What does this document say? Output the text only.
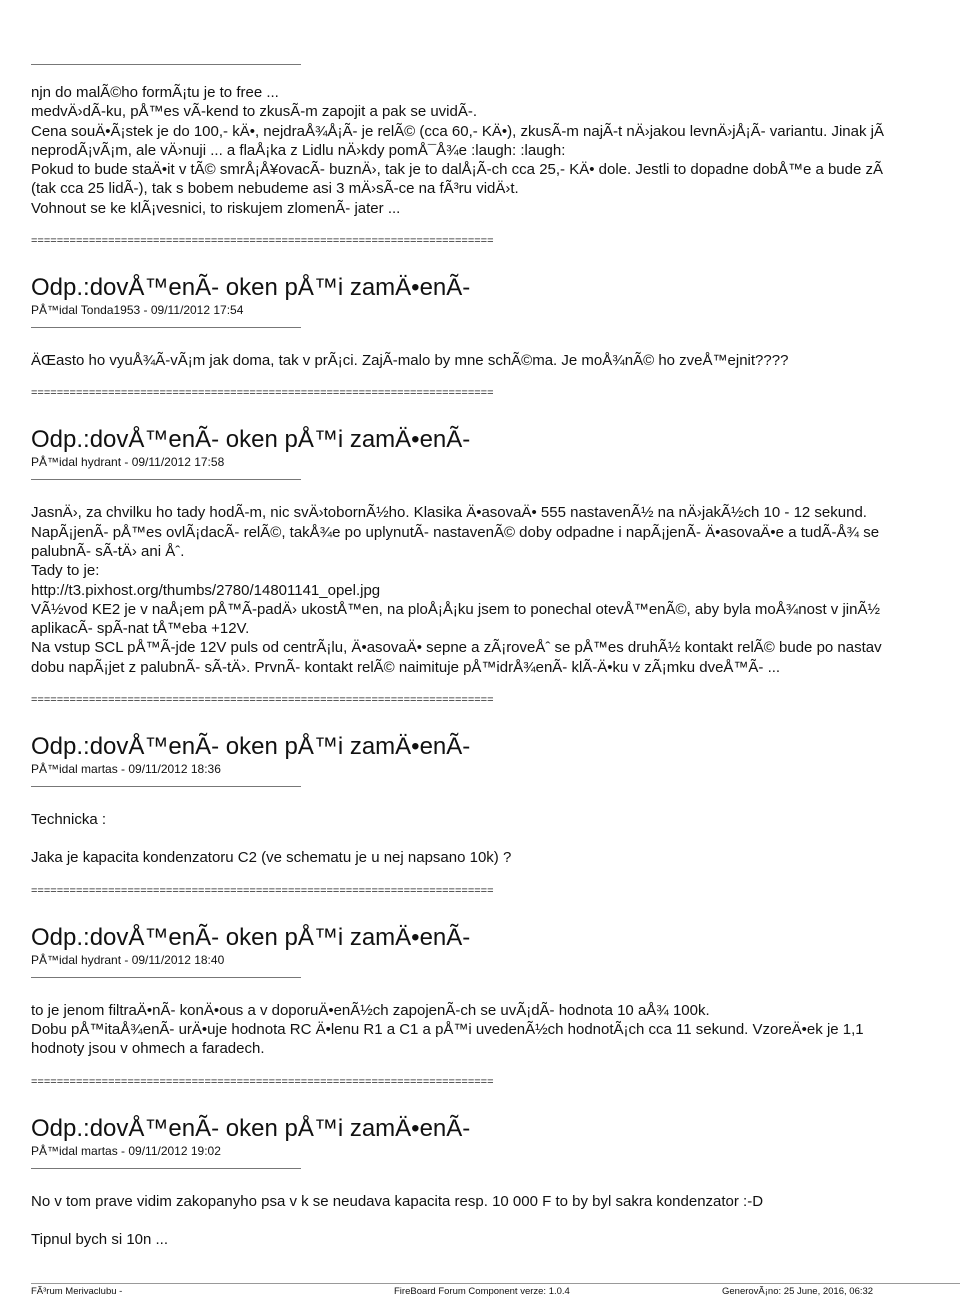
njn do malÃ©ho formÃ¡tu je to free ...

medvÄ›dÃ-ku, pÅ™es vÃ-kend to zkusÃ-m zapojit a pak se uvidÃ-.

Cena souÄ•Ã¡stek je do 100,- kÄ•, nejdraÅ¾Å¡Ã- je relÃ© (cca 60,- KÄ•), zkusÃ-m najÃ-t nÄ›jakou levnÄ›jÅ¡Ã- variantu. Jinak jÃ

neprodÃ¡vÃ¡m, ale vÄ›nuji ... a flaÅ¡ka z Lidlu nÄ›kdy pomÅ¯Å¾e :laugh: :laugh:

Pokud to bude staÄ•it v tÃ© smrÅ¡Å¥ovacÃ- buznÄ›, tak je to dalÅ¡Ã-ch cca 25,- KÄ• dole. Jestli to dopadne dobÅ™e a bude zÃ

(tak cca 25 lidÃ-), tak s bobem nebudeme asi 3 mÄ›sÃ-ce na fÃ³ru vidÄ›t.

Vohnout se ke klÃ¡vesnici, to riskujem zlomenÃ- jater ...

========================================================================
Odp.:dovÅ™enÃ- oken pÅ™i zamÄ•enÃ-
PÅ™idal Tonda1953 - 09/11/2012 17:54

ÄŒasto ho vyuÅ¾Ã-vÃ¡m jak doma, tak v prÃ¡ci. ZajÃ-malo by mne schÃ©ma. Je moÅ¾nÃ© ho zveÅ™ejnit????

========================================================================
Odp.:dovÅ™enÃ- oken pÅ™i zamÄ•enÃ-
PÅ™idal hydrant - 09/11/2012 17:58

JasnÄ›, za chvilku ho tady hodÃ-m, nic svÄ›tobornÃ½ho. Klasika Ä•asovaÄ• 555 nastavenÃ½ na nÄ›jakÃ½ch 10 - 12 sekund.

NapÃ¡jenÃ- pÅ™es ovlÃ¡dacÃ- relÃ©, takÅ¾e po uplynutÃ- nastavenÃ© doby odpadne i napÃ¡jenÃ- Ä•asovaÄ•e a tudÃ-Å¾ se

palubnÃ- sÃ-tÄ› ani Åˆ.

Tady to je:

http://t3.pixhost.org/thumbs/2780/14801141_opel.jpg

VÃ½vod KE2 je v naÅ¡em pÅ™Ã-padÄ› ukostÅ™en, na ploÅ¡Å¡ku jsem to ponechal otevÅ™enÃ©, aby byla moÅ¾nost v jinÃ½

aplikacÃ- spÃ-nat tÅ™eba +12V.

Na vstup SCL pÅ™Ã-jde 12V puls od centrÃ¡lu, Ä•asovaÄ• sepne a zÃ¡roveÅˆ se pÅ™es druhÃ½ kontakt relÃ© bude po nastav

dobu napÃ¡jet z palubnÃ- sÃ-tÄ›. PrvnÃ- kontakt relÃ© naimituje pÅ™idrÅ¾enÃ- klÃ-Ä•ku v zÃ¡mku dveÅ™Ã- ...

========================================================================
Odp.:dovÅ™enÃ- oken pÅ™i zamÄ•enÃ-
PÅ™idal martas - 09/11/2012 18:36

Technicka :

Jaka je kapacita kondenzatoru C2 (ve schematu je u nej napsano 10k) ?

========================================================================
Odp.:dovÅ™enÃ- oken pÅ™i zamÄ•enÃ-
PÅ™idal hydrant - 09/11/2012 18:40

to je jenom filtraÄ•nÃ- konÄ•ous a v doporuÄ•enÃ½ch zapojenÃ-ch se uvÃ¡dÃ- hodnota 10 aÅ¾ 100k.

Dobu pÅ™itaÅ¾enÃ- urÄ•uje hodnota RC Ä•lenu R1 a C1 a pÅ™i uvedenÃ½ch hodnotÃ¡ch cca 11 sekund. VzoreÄ•ek je 1,1

hodnoty jsou v ohmech a faradech.

========================================================================
Odp.:dovÅ™enÃ- oken pÅ™i zamÄ•enÃ-
PÅ™idal martas - 09/11/2012 19:02

No v tom prave vidim zakopanyho psa v k se neudava kapacita resp. 10 000 F to by byl sakra kondenzator :-D

Tipnul bych si 10n ...

FÃ³rum Merivaclubu -	FireBoard Forum Component verze: 1.0.4	GenerovÃ¡no: 25 June, 2016, 06:32
